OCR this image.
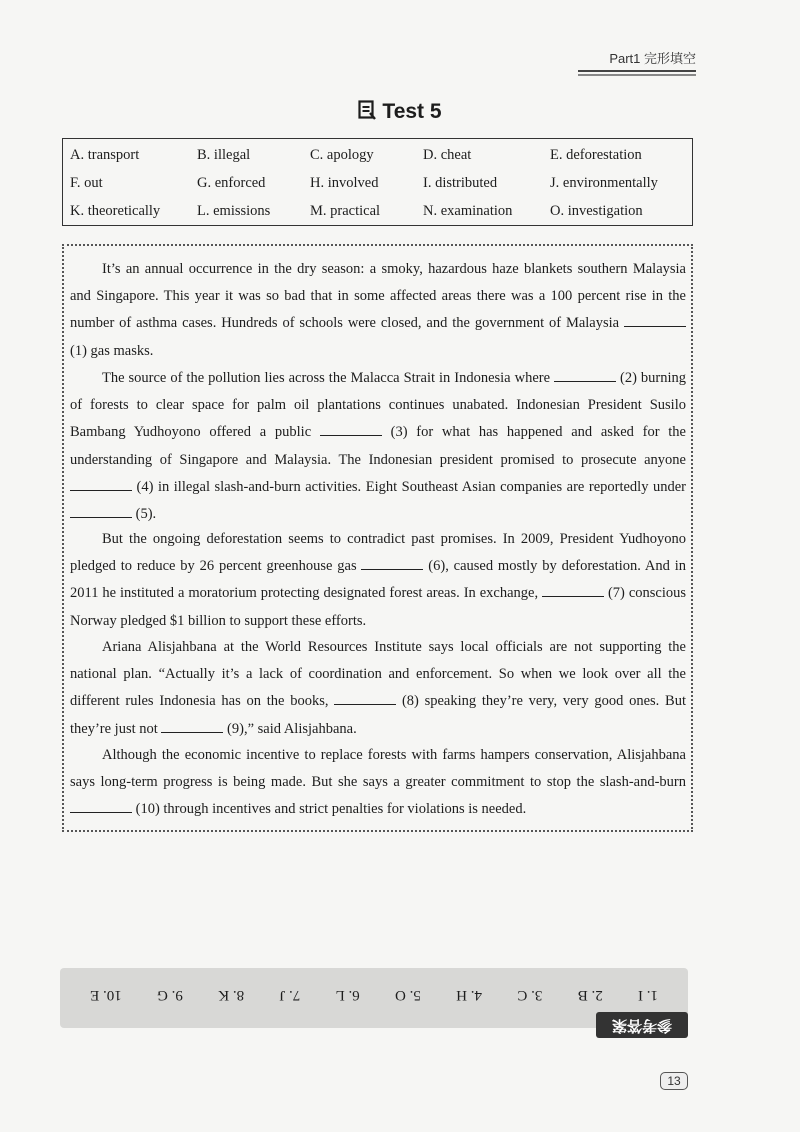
Part1 完形填空
Test 5
A. transport	B. illegal	C. apology	D. cheat	E. deforestation
F. out	G. enforced	H. involved	I. distributed	J. environmentally
K. theoretically	L. emissions	M. practical	N. examination	O. investigation

It’s an annual occurrence in the dry season: a smoky, hazardous haze blankets southern Malaysia and Singapore. This year it was so bad that in some affected areas there was a 100 percent rise in the number of asthma cases. Hundreds of schools were closed, and the government of Malaysia  (1) gas masks.

The source of the pollution lies across the Malacca Strait in Indonesia where	(2) burning of forests to clear space for palm oil plantations continues unabated. Indonesian President Susilo Bambang Yudhoyono offered a public	(3) for what has happened and asked for the understanding of Singapore and Malaysia. The Indonesian president promised to prosecute anyone  (4) in illegal slash-and-burn activities. Eight Southeast Asian companies are reportedly under  (5).

But the ongoing deforestation seems to contradict past promises. In 2009, President Yudhoyono pledged to reduce by 26 percent greenhouse gas	(6), caused mostly by deforestation. And in 2011 he instituted a moratorium protecting designated forest areas. In exchange,	(7) conscious Norway pledged $1 billion to support these efforts.

Ariana Alisjahbana at the World Resources Institute says local officials are not supporting the national plan. “Actually it’s a lack of coordination and enforcement. So when we look over all the different rules Indonesia has on the books,	(8) speaking they’re very, very good ones. But they’re just not	(9),” said Alisjahbana.

Although the economic incentive to replace forests with farms hampers conservation, Alisjahbana says long-term progress is being made. But she says a greater commitment to stop the slash-and-burn  (10) through incentives and strict penalties for violations is needed.

1. I
2. B
3. C
4. H
5. O
6. L
7. J
8. K
9. G
10. E
参考答案
13
